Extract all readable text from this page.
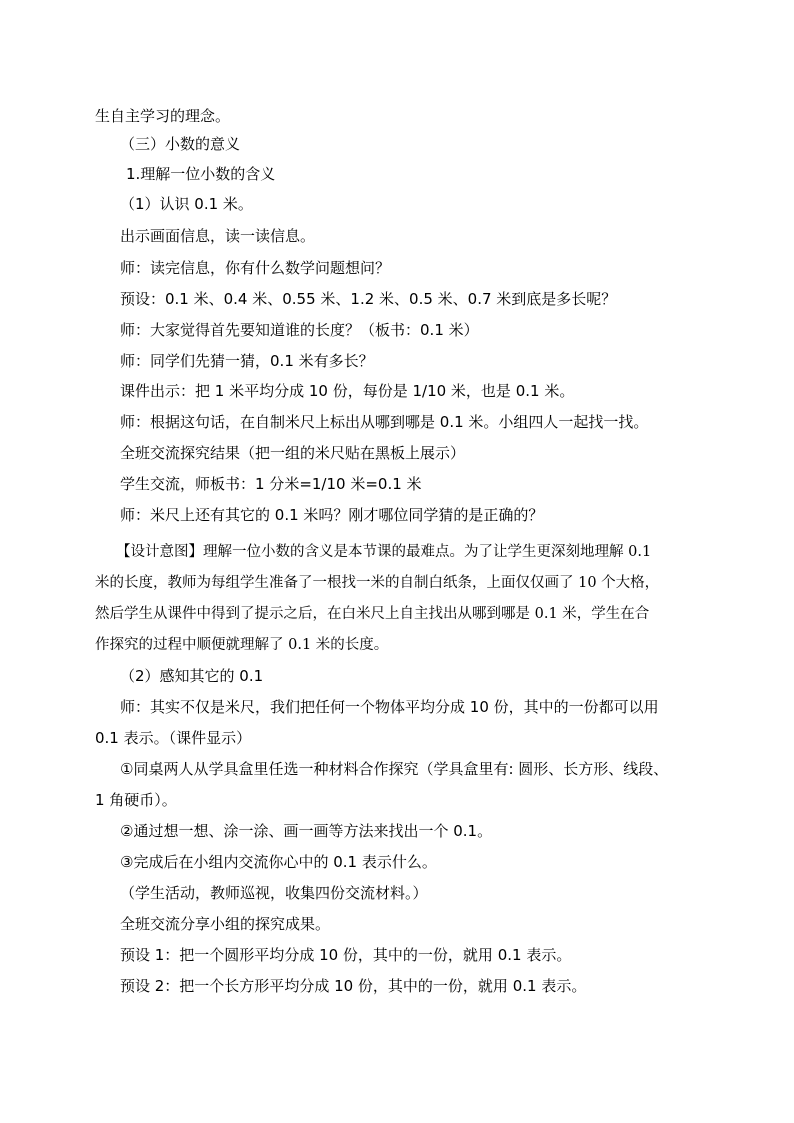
生自主学习的理念。
（三）小数的意义
1.理解一位小数的含义
（1）认识 0.1 米。
出示画面信息，读一读信息。
师：读完信息，你有什么数学问题想问？
预设：0.1 米、0.4 米、0.55 米、1.2 米、0.5 米、0.7 米到底是多长呢？
师：大家觉得首先要知道谁的长度？（板书：0.1 米）
师：同学们先猜一猜，0.1 米有多长？
课件出示：把 1 米平均分成 10 份，每份是 1/10 米，也是 0.1 米。
师：根据这句话，在自制米尺上标出从哪到哪是 0.1 米。小组四人一起找一找。
全班交流探究结果（把一组的米尺贴在黑板上展示）
学生交流，师板书：1 分米=1/10 米=0.1 米
师：米尺上还有其它的 0.1 米吗？刚才哪位同学猜的是正确的？
【设计意图】理解一位小数的含义是本节课的最难点。为了让学生更深刻地理解 0.1
米的长度，教师为每组学生准备了一根找一米的自制白纸条，上面仅仅画了 10 个大格，
然后学生从课件中得到了提示之后，在白米尺上自主找出从哪到哪是 0.1 米，学生在合
作探究的过程中顺便就理解了 0.1 米的长度。
（2）感知其它的 0.1
师：其实不仅是米尺，我们把任何一个物体平均分成 10 份，其中的一份都可以用
0.1 表示。（课件显示）
①同桌两人从学具盒里任选一种材料合作探究（学具盒里有: 圆形、长方形、线段、
1 角硬币）。
②通过想一想、涂一涂、画一画等方法来找出一个 0.1。
③完成后在小组内交流你心中的 0.1 表示什么。
（学生活动，教师巡视，收集四份交流材料。）
全班交流分享小组的探究成果。
预设 1：把一个圆形平均分成 10 份，其中的一份，就用 0.1 表示。
预设 2：把一个长方形平均分成 10 份，其中的一份，就用 0.1 表示。
